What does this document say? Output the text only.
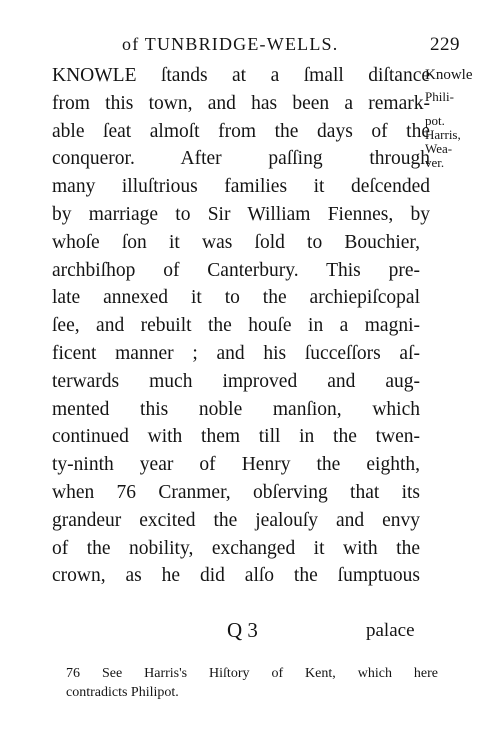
of TUNBRIDGE-WELLS.	229
KNOWLE ſtands at a ſmall diſtance
from this town, and has been a remark-
able ſeat almoſt from the days of the
conqueror. After paſſing through
many illuſtrious families it deſcended
by marriage to Sir William Fiennes, by
whoſe ſon it was ſold to Bouchier,
archbiſhop of Canterbury. This pre-
late annexed it to the archiepiſcopal
ſee, and rebuilt the houſe in a magni-
ficent manner ; and his ſucceſſors aſ-
terwards much improved and aug-
mented this noble manſion, which
continued with them till in the twen-
ty-ninth year of Henry the eighth,
when 76 Cranmer, obſerving that its
grandeur excited the jealouſy and envy
of the nobility, exchanged it with the
crown, as he did alſo the ſumptuous
Knowle
Phili-
pot.
Harris,
Wea-
ver.
Q 3	palace
76 See Harris's Hiſtory of Kent, which here
contradicts Philipot.
